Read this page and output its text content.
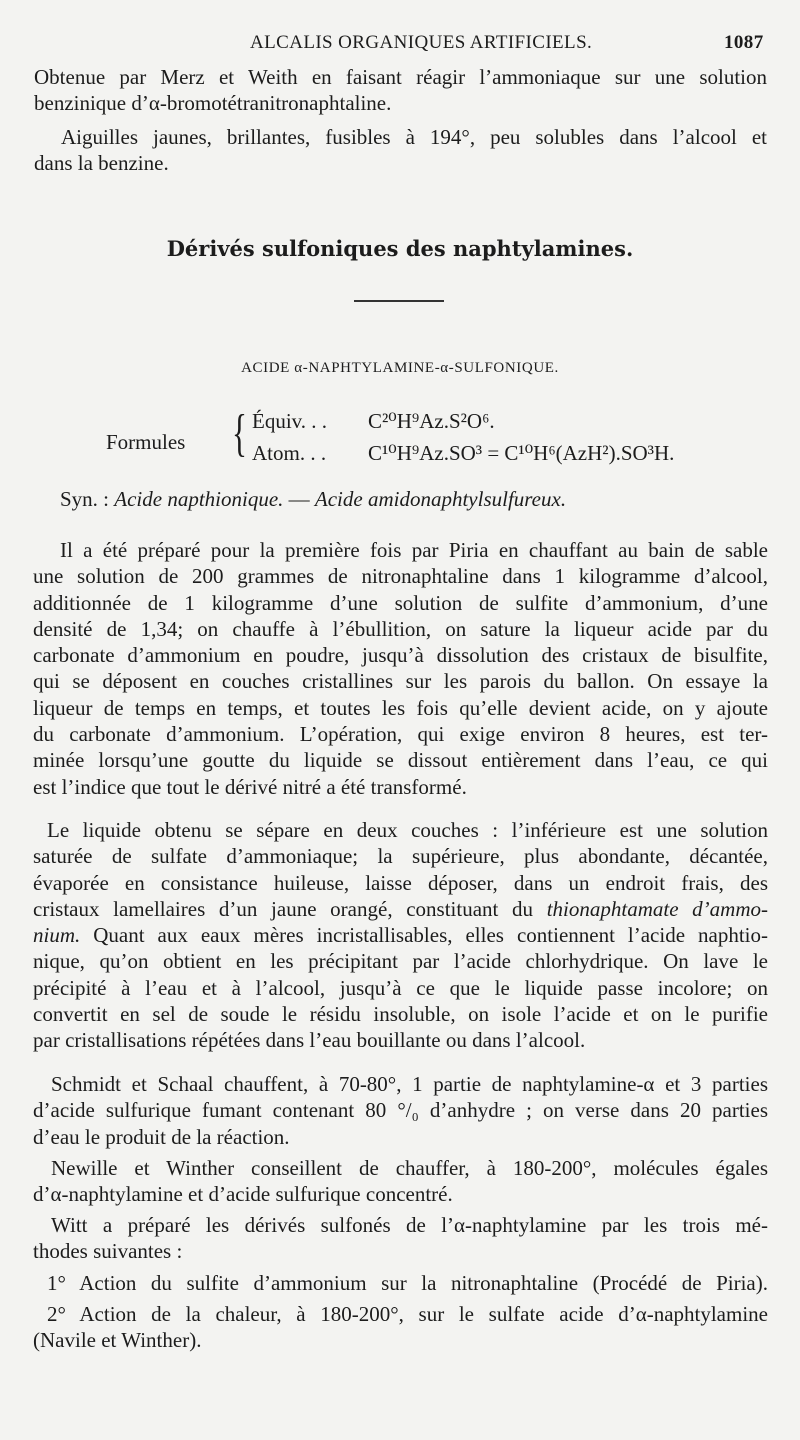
ALCALIS ORGANIQUES ARTIFICIELS.	1087
Obtenue par Merz et Weith en faisant réagir l’ammoniaque sur une solution
benzinique d’α-bromotétranitronaphtaline.
Aiguilles jaunes, brillantes, fusibles à 194°, peu solubles dans l’alcool et
dans la benzine.
Dérivés sulfoniques des naphtylamines.
ACIDE α-NAPHTYLAMINE-α-SULFONIQUE.
Formules { Équiv. . . C²⁰H⁹Az.S²O⁶.
Atom. . . C¹⁰H⁹Az.SO³ = C¹⁰H⁶(AzH²).SO³H.
Syn. : Acide napthionique. — Acide amidonaphtylsulfureux.
Il a été préparé pour la première fois par Piria en chauffant au bain de sable
une solution de 200 grammes de nitronaphtaline dans 1 kilogramme d’alcool,
additionnée de 1 kilogramme d’une solution de sulfite d’ammonium, d’une
densité de 1,34; on chauffe à l’ébullition, on sature la liqueur acide par du
carbonate d’ammonium en poudre, jusqu’à dissolution des cristaux de bisulfite,
qui se déposent en couches cristallines sur les parois du ballon. On essaye la
liqueur de temps en temps, et toutes les fois qu’elle devient acide, on y ajoute
du carbonate d’ammonium. L’opération, qui exige environ 8 heures, est ter-
minée lorsqu’une goutte du liquide se dissout entièrement dans l’eau, ce qui
est l’indice que tout le dérivé nitré a été transformé.
Le liquide obtenu se sépare en deux couches : l’inférieure est une solution
saturée de sulfate d’ammoniaque; la supérieure, plus abondante, décantée,
évaporée en consistance huileuse, laisse déposer, dans un endroit frais, des
cristaux lamellaires d’un jaune orangé, constituant du thionaphtamate d’ammo-
nium. Quant aux eaux mères incristallisables, elles contiennent l’acide naphtio-
nique, qu’on obtient en les précipitant par l’acide chlorhydrique. On lave le
précipité à l’eau et à l’alcool, jusqu’à ce que le liquide passe incolore; on
convertit en sel de soude le résidu insoluble, on isole l’acide et on le purifie
par cristallisations répétées dans l’eau bouillante ou dans l’alcool.
Schmidt et Schaal chauffent, à 70-80°, 1 partie de naphtylamine-α et 3 parties
d’acide sulfurique fumant contenant 80 °/₀ d’anhydre ; on verse dans 20 parties
d’eau le produit de la réaction.
Newille et Winther conseillent de chauffer, à 180-200°, molécules égales
d’α-naphtylamine et d’acide sulfurique concentré.
Witt a préparé les dérivés sulfonés de l’α-naphtylamine par les trois mé-
thodes suivantes :
1° Action du sulfite d’ammonium sur la nitronaphtaline (Procédé de Piria).
2° Action de la chaleur, à 180-200°, sur le sulfate acide d’α-naphtylamine
(Navile et Winther).
